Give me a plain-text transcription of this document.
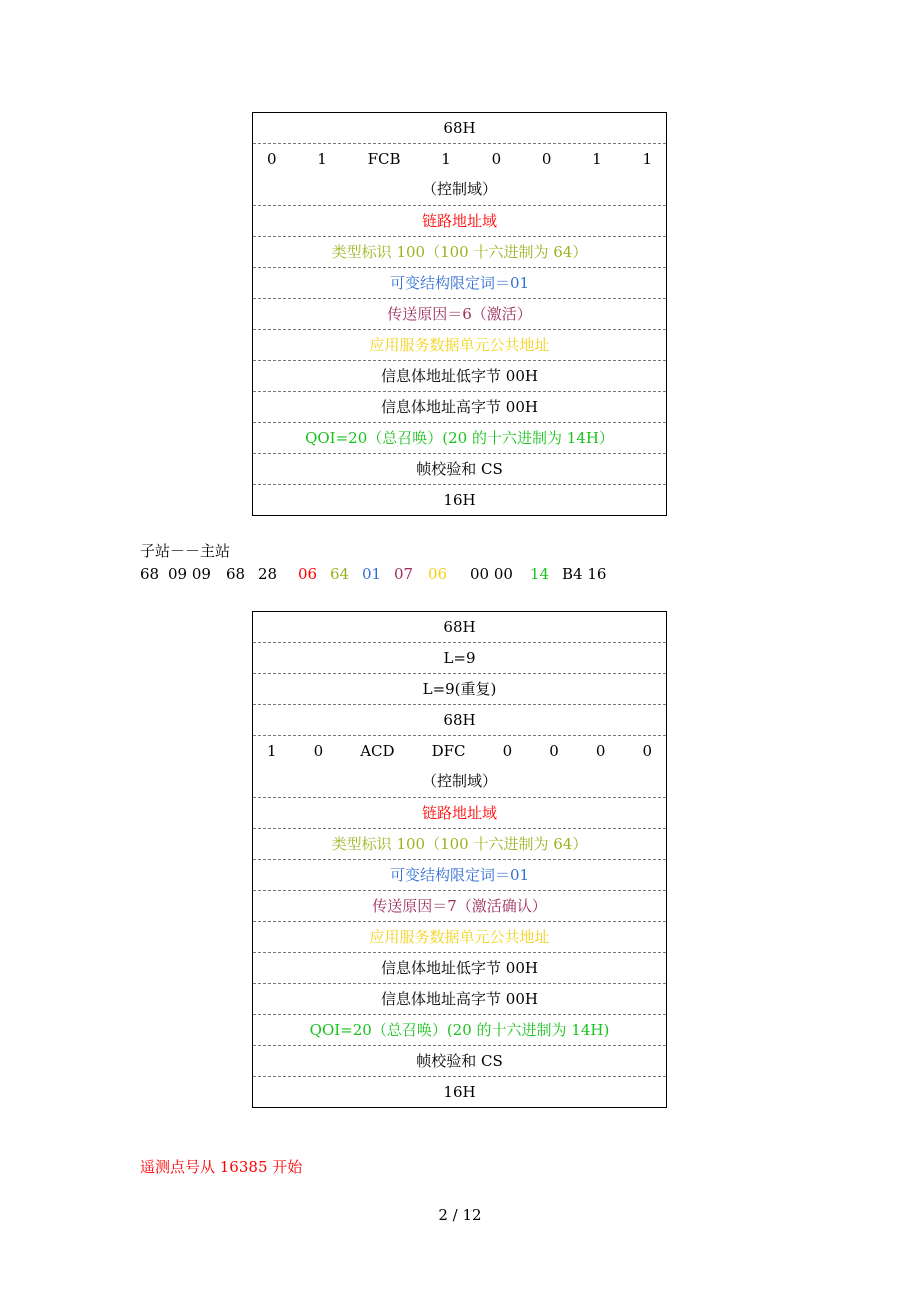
68H
0	1	FCB	1	0	0	1	1
（控制域）
链路地址域
类型标识 100（100 十六进制为 64）
可变结构限定词＝01
传送原因＝6（激活）
应用服务数据单元公共地址
信息体地址低字节 00H
信息体地址高字节 00H
QOI=20（总召唤）(20 的十六进制为 14H）
帧校验和 CS
16H
子站－－主站
68 09 09 68 28 06 64 01 07 06 00 00 14 B4 16
68H
L=9
L=9(重复)
68H
1 0 ACD DFC 0 0 0 0
（控制域）
链路地址域
类型标识 100（100 十六进制为 64）
可变结构限定词＝01
传送原因＝7（激活确认）
应用服务数据单元公共地址
信息体地址低字节 00H
信息体地址高字节 00H
QOI=20（总召唤）(20 的十六进制为 14H)
帧校验和 CS
16H
遥测点号从 16385 开始
2 / 12
